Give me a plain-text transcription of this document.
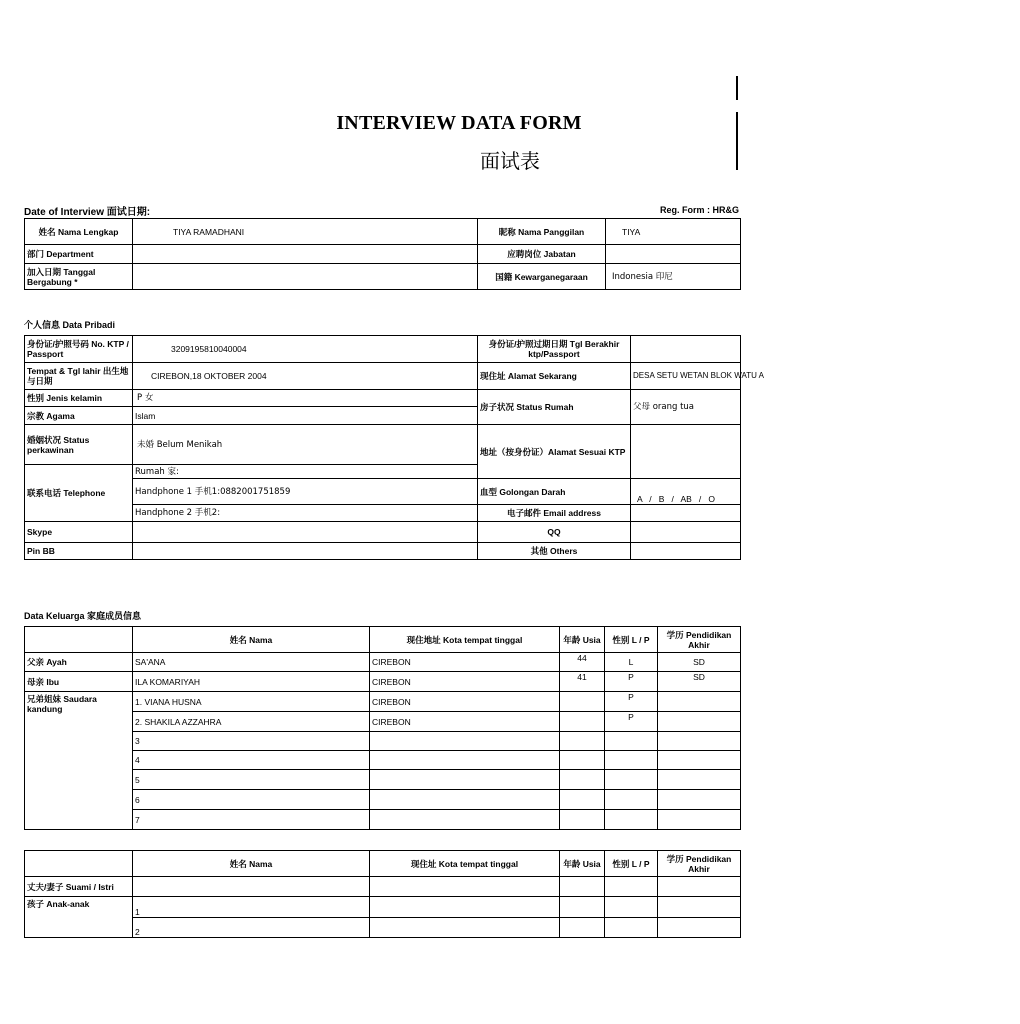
INTERVIEW DATA FORM
面试表
Date of Interview 面试日期:	Reg. Form : HR&G
姓名 Nama Lengkap	TIYA RAMADHANI	昵称 Nama Panggilan	TIYA
部门 Department		应聘岗位 Jabatan	
加入日期 Tanggal Bergabung *		国籍 Kewarganegaraan	Indonesia 印尼
个人信息 Data Pribadi
身份证/护照号码 No. KTP / Passport	3209195810040004	身份证/护照过期日期 Tgl Berakhir ktp/Passport	
Tempat & Tgl lahir 出生地与日期	CIREBON,18 OKTOBER 2004	现住址 Alamat Sekarang	DESA SETU WETAN BLOK WATU A
性别 Jenis kelamin	P 女	房子状况 Status Rumah	父母 orang tua
宗教 Agama	Islam		
婚姻状况 Status perkawinan	未婚 Belum Menikah	地址（按身份证）Alamat Sesuai KTP	
联系电话 Telephone	Rumah 家:		
	Handphone 1 手机1:0882001751859	血型 Golongan Darah	A   /   B   /   AB   /   O
	Handphone 2 手机2:	电子邮件 Email address	
Skype		QQ	
Pin BB		其他 Others	
Data Keluarga 家庭成员信息
	姓名 Nama	现住地址 Kota tempat tinggal	年龄 Usia	性别 L / P	学历 Pendidikan Akhir
父亲 Ayah	SA'ANA	CIREBON	44	L	SD
母亲 Ibu	ILA KOMARIYAH	CIREBON	41	P	SD
兄弟姐妹 Saudara kandung	1. VIANA HUSNA	CIREBON		P	
	2. SHAKILA AZZAHRA	CIREBON		P	
	3				
	4				
	5				
	6				
	7				
	姓名 Nama	现住址 Kota tempat tinggal	年龄 Usia	性别 L / P	学历 Pendidikan Akhir
丈夫/妻子 Suami / Istri					
孩子 Anak-anak	1				
	2				
